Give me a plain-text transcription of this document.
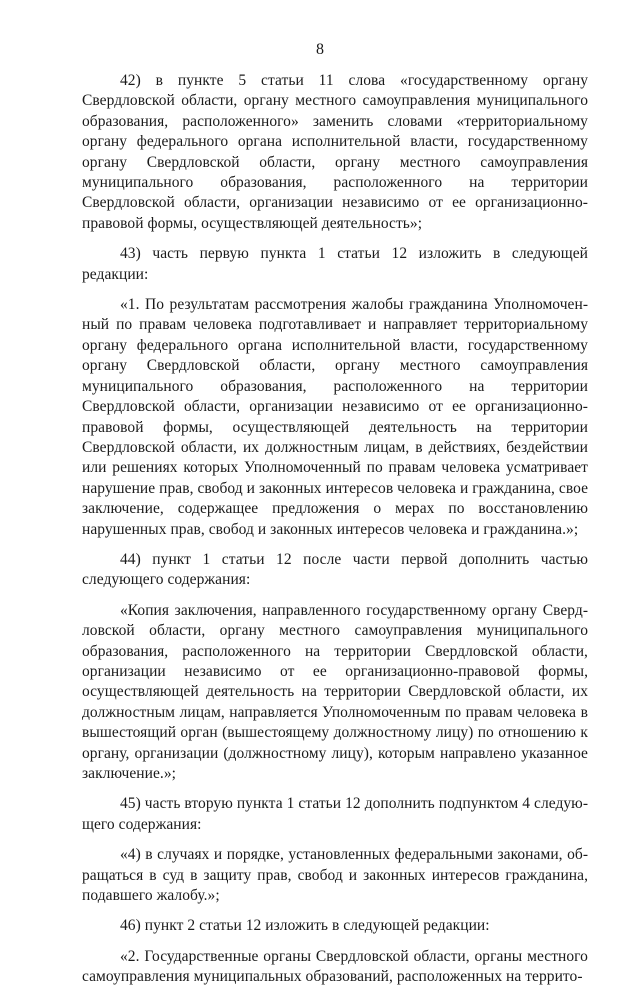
8

42) в пункте 5 статьи 11 слова «государственному органу Свердловской области, органу местного самоуправления муниципального образования, расположенного» заменить словами «территориальному органу федерального органа исполнительной власти, государственному органу Свердловской области, органу местного самоуправления муниципального образования, расположенного на территории Свердловской области, организации независимо от ее организационно-правовой формы, осуществляющей деятельность»;

43) часть первую пункта 1 статьи 12 изложить в следующей редакции:

«1. По результатам рассмотрения жалобы гражданина Уполномоченный по правам человека подготавливает и направляет территориальному органу федерального органа исполнительной власти, государственному органу Свердловской области, органу местного самоуправления муниципального образования, расположенного на территории Свердловской области, организации независимо от ее организационно-правовой формы, осуществляющей деятельность на территории Свердловской области, их должностным лицам, в действиях, бездействии или решениях которых Уполномоченный по правам человека усматривает нарушение прав, свобод и законных интересов человека и гражданина, свое заключение, содержащее предложения о мерах по восстановлению нарушенных прав, свобод и законных интересов человека и гражданина.»;

44) пункт 1 статьи 12 после части первой дополнить частью следующего содержания:

«Копия заключения, направленного государственному органу Свердловской области, органу местного самоуправления муниципального образования, расположенного на территории Свердловской области, организации независимо от ее организационно-правовой формы, осуществляющей деятельность на территории Свердловской области, их должностным лицам, направляется Уполномоченным по правам человека в вышестоящий орган (вышестоящему должностному лицу) по отношению к органу, организации (должностному лицу), которым направлено указанное заключение.»;

45) часть вторую пункта 1 статьи 12 дополнить подпунктом 4 следующего содержания:

«4) в случаях и порядке, установленных федеральными законами, обращаться в суд в защиту прав, свобод и законных интересов гражданина, подавшего жалобу.»;

46) пункт 2 статьи 12 изложить в следующей редакции:

«2. Государственные органы Свердловской области, органы местного самоуправления муниципальных образований, расположенных на террито-
